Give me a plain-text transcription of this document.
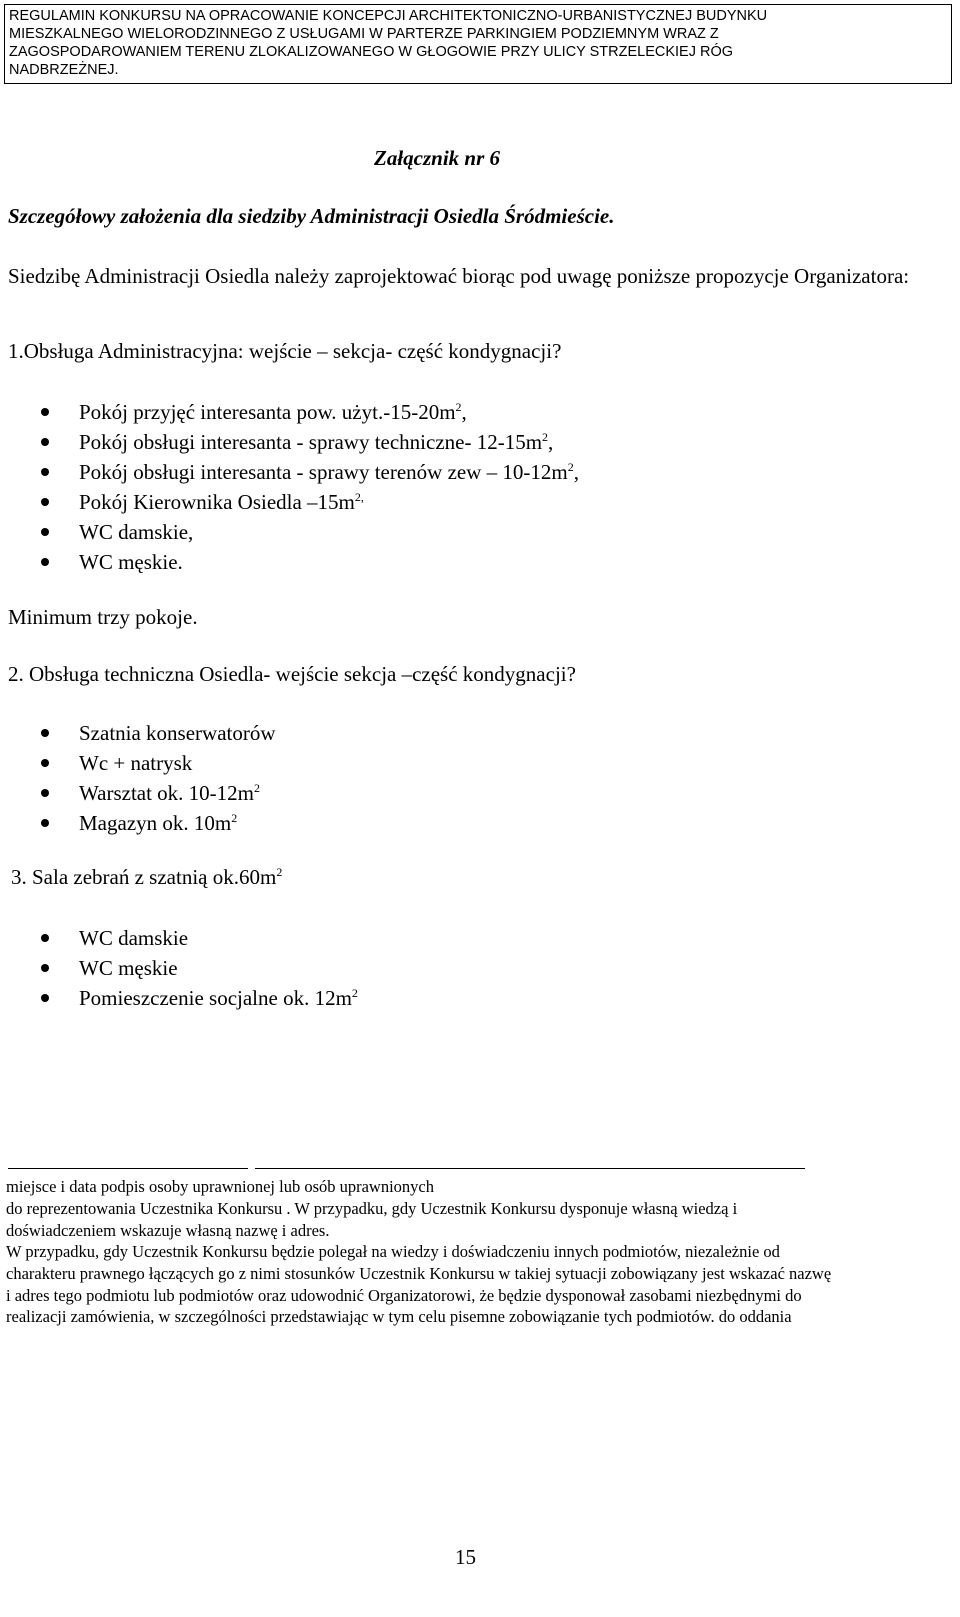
REGULAMIN KONKURSU NA OPRACOWANIE KONCEPCJI ARCHITEKTONICZNO-URBANISTYCZNEJ BUDYNKU
MIESZKALNEGO WIELORODZINNEGO Z USŁUGAMI W PARTERZE PARKINGIEM PODZIEMNYM WRAZ Z
ZAGOSPODAROWANIEM TERENU ZLOKALIZOWANEGO W GŁOGOWIE PRZY ULICY STRZELECKIEJ RÓG
NADBRZEŻNEJ.
Załącznik nr 6
Szczegółowy założenia dla siedziby Administracji Osiedla Śródmieście.
Siedzibę Administracji Osiedla należy zaprojektować biorąc pod uwagę poniższe propozycje Organizatora:
1.Obsługa Administracyjna: wejście – sekcja- część kondygnacji?
Pokój przyjęć interesanta pow. $użyt.-15-20m^2$,
Pokój obsługi interesanta - sprawy techniczne- $12-15m^2$,
Pokój obsługi interesanta - sprawy terenów zew – $10-12m^2$,
Pokój Kierownika Osiedla $-15m^{2,}$
WC damskie,
WC męskie.
Minimum trzy pokoje.
2. Obsługa techniczna Osiedla- wejście sekcja –część kondygnacji?
Szatnia konserwatorów
Wc + natrysk
Warsztat ok. $10-12m^2$
Magazyn ok. $10m^2$
3. Sala zebrań z szatnią $ok.60m^2$
WC damskie
WC męskie
Pomieszczenie socjalne ok. $12m^2$
miejsce i data podpis osoby uprawnionej lub osób uprawnionych
do reprezentowania Uczestnika Konkursu . W przypadku, gdy Uczestnik Konkursu dysponuje własną wiedzą i
doświadczeniem wskazuje własną nazwę i adres.
W przypadku, gdy Uczestnik Konkursu będzie polegał na wiedzy i doświadczeniu innych podmiotów, niezależnie od
charakteru prawnego łączących go z nimi stosunków Uczestnik Konkursu w takiej sytuacji zobowiązany jest wskazać nazwę
i adres tego podmiotu lub podmiotów oraz udowodnić Organizatorowi, że będzie dysponował zasobami niezbędnymi do
realizacji zamówienia, w szczególności przedstawiając w tym celu pisemne zobowiązanie tych podmiotów. do oddania
15
